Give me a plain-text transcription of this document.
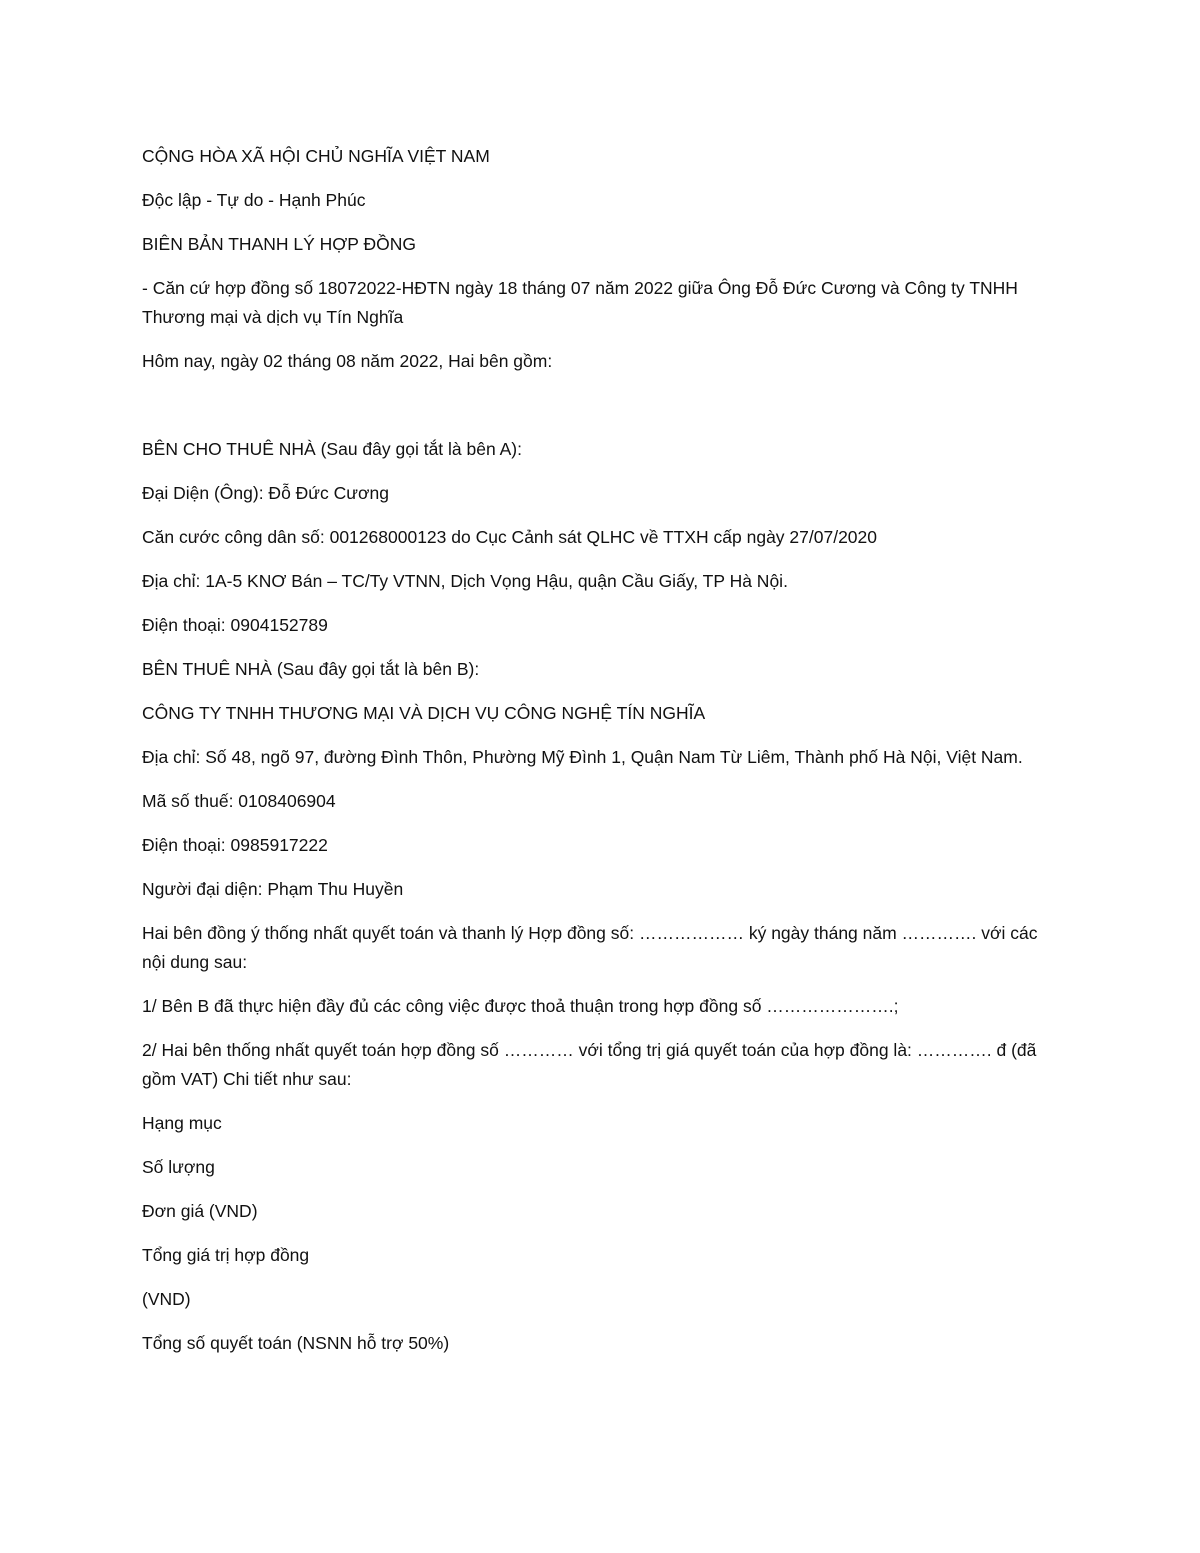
CỘNG HÒA XÃ HỘI CHỦ NGHĨA VIỆT NAM

Độc lập - Tự do - Hạnh Phúc

BIÊN BẢN THANH LÝ HỢP ĐỒNG

- Căn cứ hợp đồng số 18072022-HĐTN ngày 18 tháng 07 năm 2022 giữa Ông Đỗ Đức Cương và Công ty TNHH Thương mại và dịch vụ Tín Nghĩa

Hôm nay, ngày 02 tháng 08 năm 2022, Hai bên gồm:

BÊN CHO THUÊ NHÀ (Sau đây gọi tắt là bên A):

Đại Diện (Ông): Đỗ Đức Cương

Căn cước công dân số: 001268000123 do Cục Cảnh sát QLHC về TTXH cấp ngày 27/07/2020

Địa chỉ: 1A-5 KNƠ Bán – TC/Ty VTNN, Dịch Vọng Hậu, quận Cầu Giấy, TP Hà Nội.

Điện thoại: 0904152789

BÊN THUÊ NHÀ (Sau đây gọi tắt là bên B):

CÔNG TY TNHH THƯƠNG MẠI VÀ DỊCH VỤ CÔNG NGHỆ TÍN NGHĨA

Địa chỉ: Số 48, ngõ 97, đường Đình Thôn, Phường Mỹ Đình 1, Quận Nam Từ Liêm, Thành phố Hà Nội, Việt Nam.

Mã số thuế: 0108406904

Điện thoại: 0985917222

Người đại diện: Phạm Thu Huyền

Hai bên đồng ý thống nhất quyết toán và thanh lý Hợp đồng số: ……………… ký ngày tháng năm …………. với các nội dung sau:

1/ Bên B đã thực hiện đầy đủ các công việc được thoả thuận trong hợp đồng số ………………….;

2/ Hai bên thống nhất quyết toán hợp đồng số ………… với tổng trị giá quyết toán của hợp đồng là: …………. đ (đã gồm VAT) Chi tiết như sau:

Hạng mục

Số lượng

Đơn giá (VND)

Tổng giá trị hợp đồng

(VND)

Tổng số quyết toán (NSNN hỗ trợ 50%)
